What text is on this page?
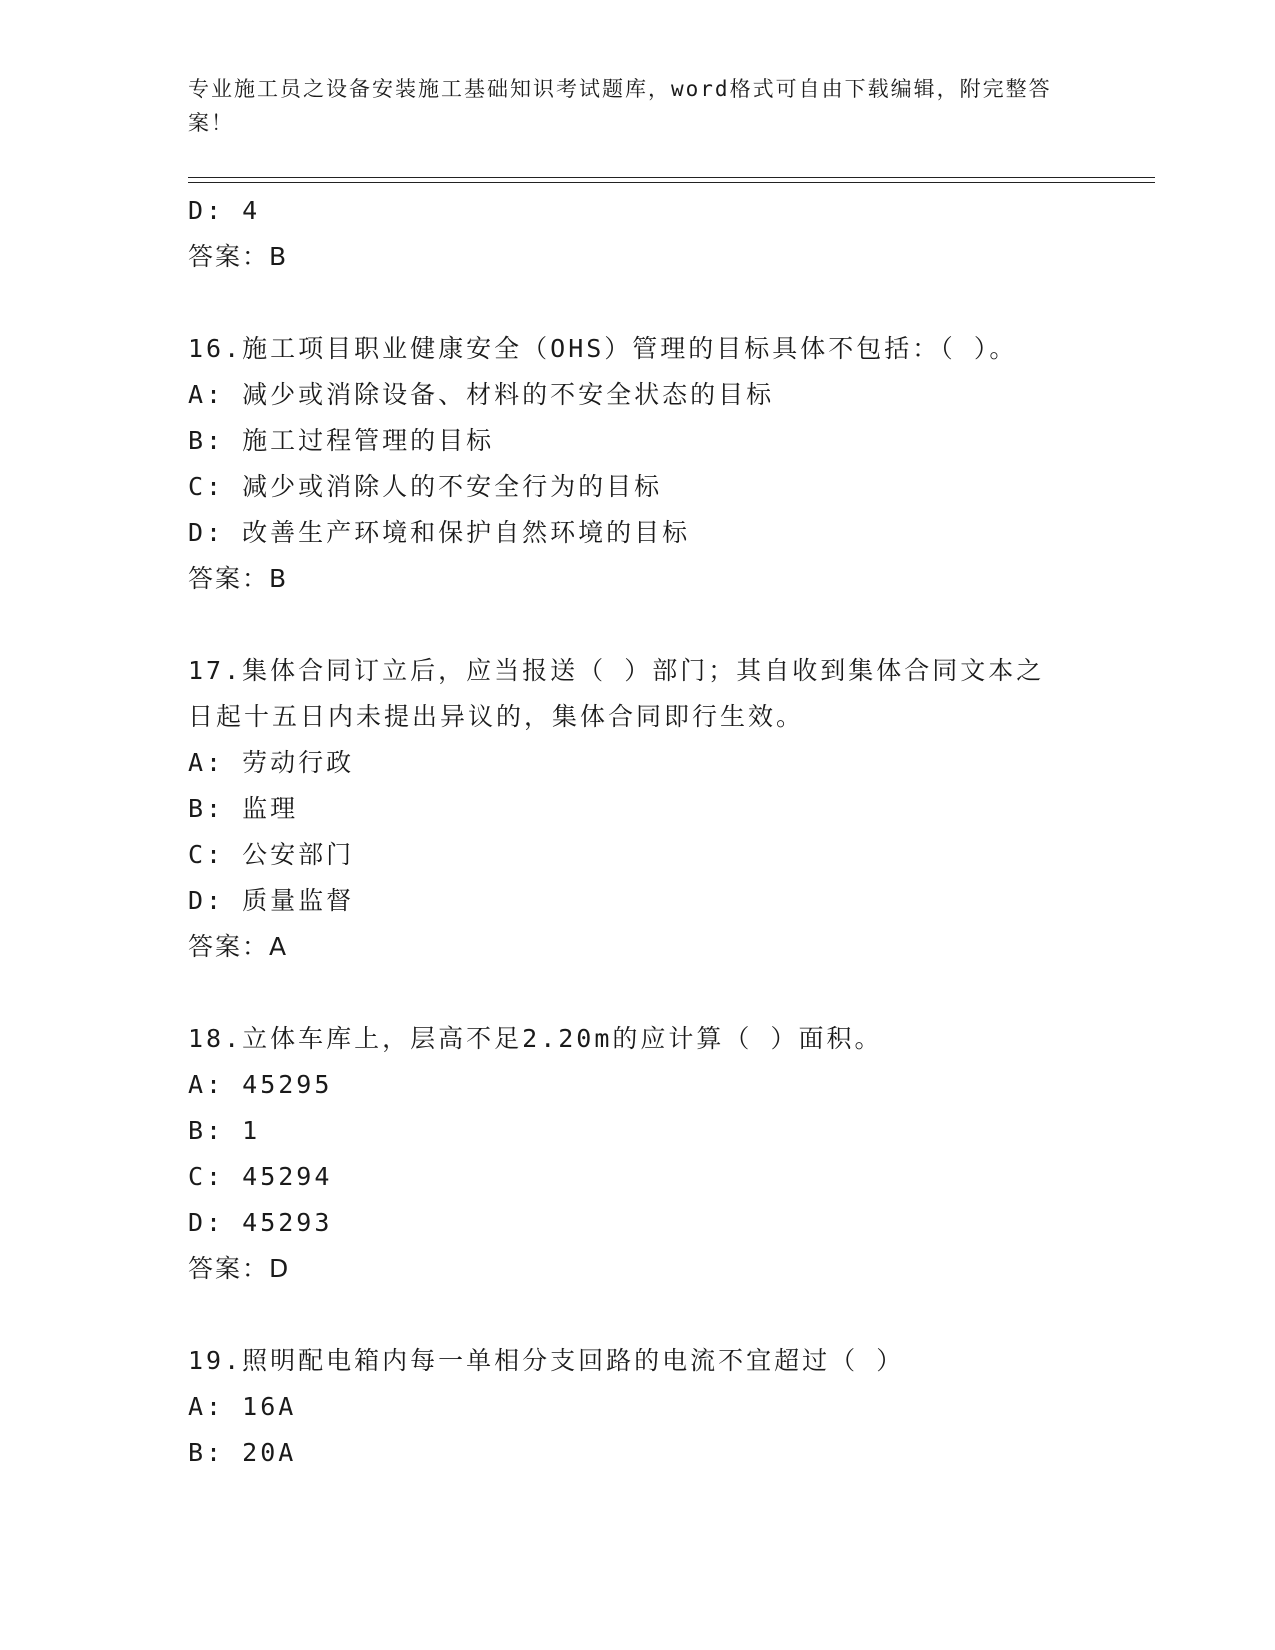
专业施工员之设备安装施工基础知识考试题库，word格式可自由下载编辑，附完整答案！
D: 4
答案：B
16.施工项目职业健康安全（OHS）管理的目标具体不包括：（ ）。
A: 减少或消除设备、材料的不安全状态的目标
B: 施工过程管理的目标
C: 减少或消除人的不安全行为的目标
D: 改善生产环境和保护自然环境的目标
答案：B
17.集体合同订立后，应当报送（ ）部门；其自收到集体合同文本之
日起十五日内未提出异议的，集体合同即行生效。
A: 劳动行政
B: 监理
C: 公安部门
D: 质量监督
答案：A
18.立体车库上，层高不足2.20m的应计算（ ）面积。
A: 45295
B: 1
C: 45294
D: 45293
答案：D
19.照明配电箱内每一单相分支回路的电流不宜超过（ ）
A: 16A
B: 20A
